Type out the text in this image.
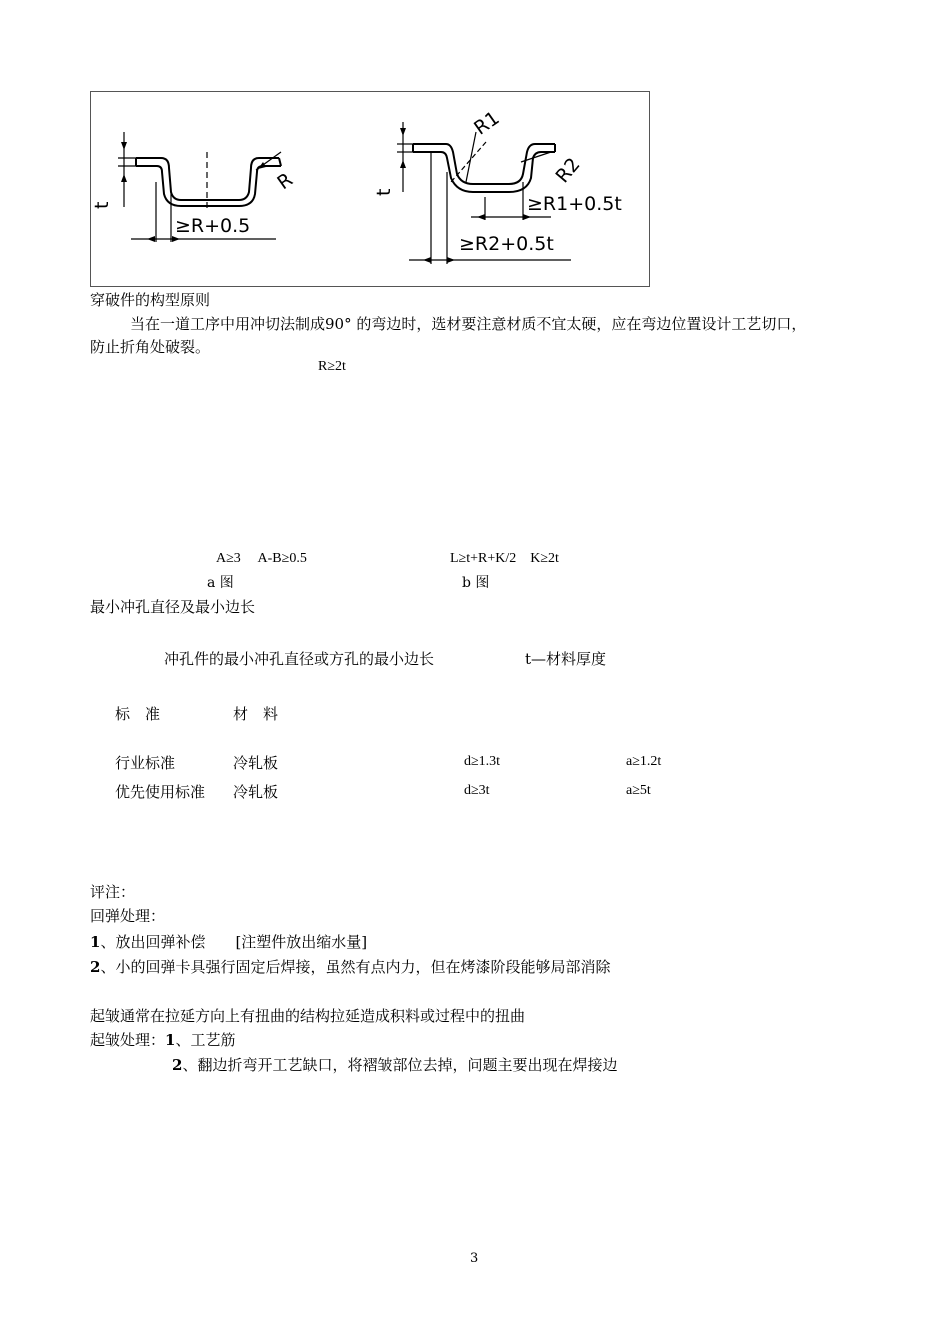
t
R
≥R+0.5
t
R1
R2
≥R1+0.5t
≥R2+0.5t
穿破件的构型原则
当在一道工序中用冲切法制成90° 的弯边时，选材要注意材质不宜太硬，应在弯边位置设计工艺切口，
防止折角处破裂。
R≥2t
A≥3     A-B≥0.5	L≥t+R+K/2    K≥2t
a 图	b 图
最小冲孔直径及最小边长
冲孔件的最小冲孔直径或方孔的最小边长	t—材料厚度
标　准	材　料
行业标准	冷轧板	d≥1.3t	a≥1.2t
优先使用标准 冷轧板	d≥3t	a≥5t
评注：
回弹处理：
1、放出回弹补偿　　[注塑件放出缩水量]
2、小的回弹卡具强行固定后焊接，虽然有点内力，但在烤漆阶段能够局部消除
起皱通常在拉延方向上有扭曲的结构拉延造成积料或过程中的扭曲
起皱处理：1、工艺筋
2、翻边折弯开工艺缺口，将褶皱部位去掉，问题主要出现在焊接边
3
